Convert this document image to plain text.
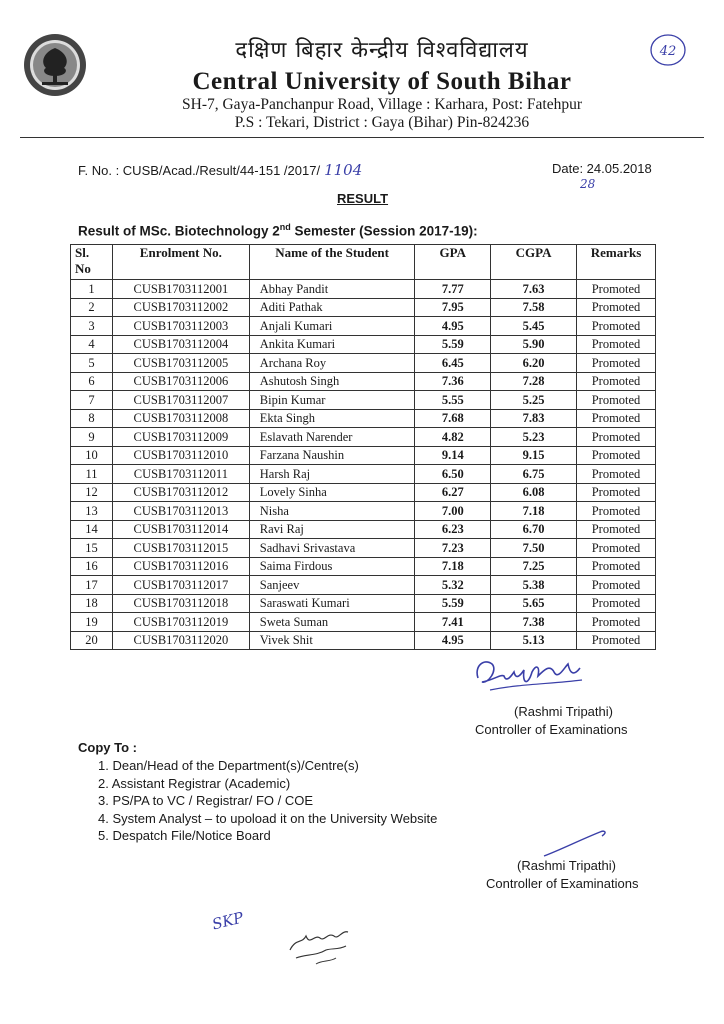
दक्षिण बिहार केन्द्रीय विश्वविद्यालय
Central University of South Bihar
SH-7, Gaya-Panchanpur Road, Village : Karhara, Post: Fatehpur
P.S : Tekari, District : Gaya (Bihar) Pin-824236
42
F. No. : CUSB/Acad./Result/44-151 /2017/ 1104	Date: 24.05.2018
28
RESULT
Result of MSc. Biotechnology 2nd Semester (Session 2017-19):
Sl. No	Enrolment No.	Name of the Student	GPA	CGPA	Remarks
1	CUSB1703112001	Abhay Pandit	7.77	7.63	Promoted
2	CUSB1703112002	Aditi Pathak	7.95	7.58	Promoted
3	CUSB1703112003	Anjali Kumari	4.95	5.45	Promoted
4	CUSB1703112004	Ankita Kumari	5.59	5.90	Promoted
5	CUSB1703112005	Archana Roy	6.45	6.20	Promoted
6	CUSB1703112006	Ashutosh Singh	7.36	7.28	Promoted
7	CUSB1703112007	Bipin Kumar	5.55	5.25	Promoted
8	CUSB1703112008	Ekta Singh	7.68	7.83	Promoted
9	CUSB1703112009	Eslavath Narender	4.82	5.23	Promoted
10	CUSB1703112010	Farzana Naushin	9.14	9.15	Promoted
11	CUSB1703112011	Harsh Raj	6.50	6.75	Promoted
12	CUSB1703112012	Lovely Sinha	6.27	6.08	Promoted
13	CUSB1703112013	Nisha	7.00	7.18	Promoted
14	CUSB1703112014	Ravi Raj	6.23	6.70	Promoted
15	CUSB1703112015	Sadhavi Srivastava	7.23	7.50	Promoted
16	CUSB1703112016	Saima Firdous	7.18	7.25	Promoted
17	CUSB1703112017	Sanjeev	5.32	5.38	Promoted
18	CUSB1703112018	Saraswati Kumari	5.59	5.65	Promoted
19	CUSB1703112019	Sweta Suman	7.41	7.38	Promoted
20	CUSB1703112020	Vivek Shit	4.95	5.13	Promoted
(Rashmi Tripathi)
Controller of Examinations
Copy To :
1. Dean/Head of the Department(s)/Centre(s)
2. Assistant Registrar (Academic)
3. PS/PA to VC / Registrar/ FO / COE
4. System Analyst – to upoload it on the University Website
5. Despatch File/Notice Board
(Rashmi Tripathi)
Controller of Examinations
SKP
